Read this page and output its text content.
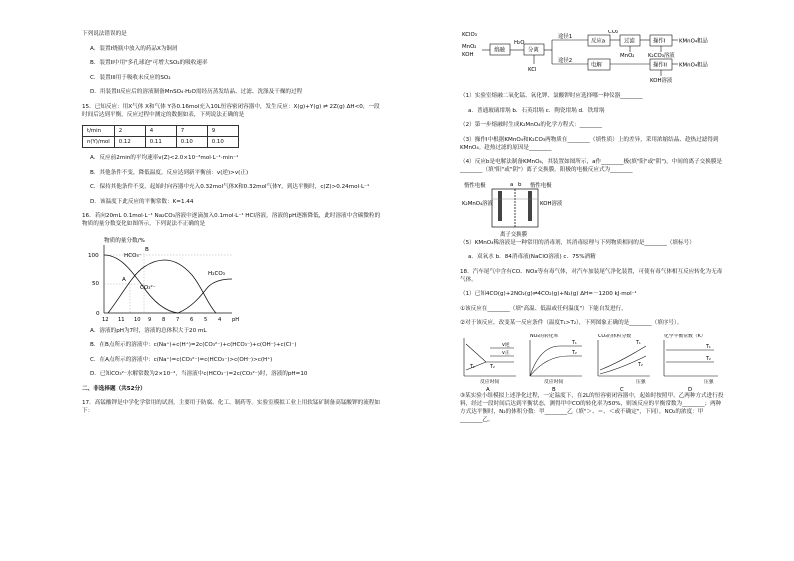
下列说法错误的是

A．装置I烧瓶中放入的药品X为铜屑

B．装置II中用"多孔球泡"可增大SO₂的吸收速率

C．装置III用于吸收未反应的SO₂

D．用装置II反应后的溶液制备MnSO₄·H₂O需经历蒸发结晶、过滤、洗涤及干燥的过程

15．已知反应：用X气体 X和气体 Y各0.16mol充入10L恒容密闭容器中，发生反应：X(g)+Y(g) ⇌ 2Z(g) ΔH<0，一段时间后达到平衡，反应过程中测定的数据如表，下列说法正确的是

t/min	2	4	7	9
n(Y)/mol	0.12	0.11	0.10	0.10

A．反应前2min的平均速率v(Z)<2.0×10⁻³mol·L⁻¹·min⁻¹

B．其他条件不变，降低温度，反应达到新平衡前：v(逆)>v(正)

C．保持其他条件不变，起始时向容器中充入0.32mol气体X和0.32mol气体Y，到达平衡时，c(Z)>0.24mol·L⁻¹

D．该温度下此反应的平衡常数：K=1.44

16．若向20mL 0.1mol·L⁻¹ Na₂CO₃溶液中逐滴加入0.1mol·L⁻¹ HCl溶液，溶液的pH逐渐降低，此时溶液中含碳微粒的物质的量分数变化如图所示，下列说法不正确的是

物质的量分数/%
100
50
0
HCO₃⁻
CO₃²⁻
H₂CO₃
A
B
12 11 10 9 8 7 6 5 4 pH

A．溶液的pH为7时，溶液的总体积大于20 mL

B．在B点所示的溶液中：c(Na⁺)+c(H⁺)=2c(CO₃²⁻)+c(HCO₃⁻)+c(OH⁻)+c(Cl⁻)

C．在A点所示的溶液中：c(Na⁺)=c(CO₃²⁻)=c(HCO₃⁻)>c(OH⁻)>c(H⁺)

D．已知CO₃²⁻水解常数为2×10⁻⁴，当溶液中c(HCO₃⁻)=2c(CO₃²⁻)时，溶液的pH=10

二、非选择题（共52分）

17．高锰酸钾是中学化学常用的试剂。主要用于防腐、化工、制药等。实验室模拟工业上用软锰矿制备高锰酸钾的流程如下：

KClO₃
MnO₂
KOH
熔融
H₂O
分离
KCl
途径1
途径2
CO₂
反应a	过滤	操作I	KMnO₄粗品
MnO₂	K₂CO₃溶液
电解	操作II KMnO₄粗品
KOH溶液

（1）实验室熔融二氧化锰、氧化钾、氯酸钾时应选择哪一种仪器________

a．普通玻璃坩埚 b．石英坩埚 c．陶瓷坩埚 d．铁坩埚

（2）第一步熔融时生成K₂MnO₄的化学方程式：________

（3）操作I中根据KMnO₄和K₂CO₃两物质在________（填性质）上的差异，采用浓缩结晶、趁热过滤得到KMnO₄。趁热过滤的原因是________

（4）反应b是电解法制备KMnO₄，其装置如图所示，a作________极(填"阳"或"阴")，中间的离子交换膜是________（填"阳"或"阴"）离子交换膜。阳极的电极反应式为________

惰性电极	惰性电极
a b
K₂MnO₄溶液	KOH溶液
离子交换膜

（5）KMnO₄稀溶液是一种常用的消毒剂，其消毒原理与下列物质相同的是________（填标号）

a．双氧水 b．84消毒液(NaClO溶液) c．75%酒精

18．汽车尾气中含有CO、NOx等有毒气体，对汽车加装尾气净化装置，可使有毒气体相互反应转化为无毒气体。

（1）已知4CO(g)+2NO₂(g)⇌4CO₂(g)+N₂(g) ΔH=－1200 kJ·mol⁻¹

①该反应在________（填"高温、低温或任何温度"）下能自发进行。

②对于该反应，改变某一反应条件（温度T₁>T₂），下列图象正确的是________（填序号）。

T₁	T₂
v逆
v正
反应时间
A
NO₂的转化率
T₁
T₂
反应时间
B
CO₂的体积分数
T₁
T₂
压强
C
化学平衡常数（K）
T₁
T₂
压强
D

③某实验小组模拟上述净化过程，一定温度下，在2L的恒容密闭容器中，起始时按照甲、乙两种方式进行投料，经过一段时间后达到平衡状态，测得甲中CO的转化率为50%，则该反应的平衡常数为________；两种方式达平衡时，N₂的体积分数：甲________乙（填"＞、＝、＜或不确定"，下同），NO₂的浓度：甲________乙。
